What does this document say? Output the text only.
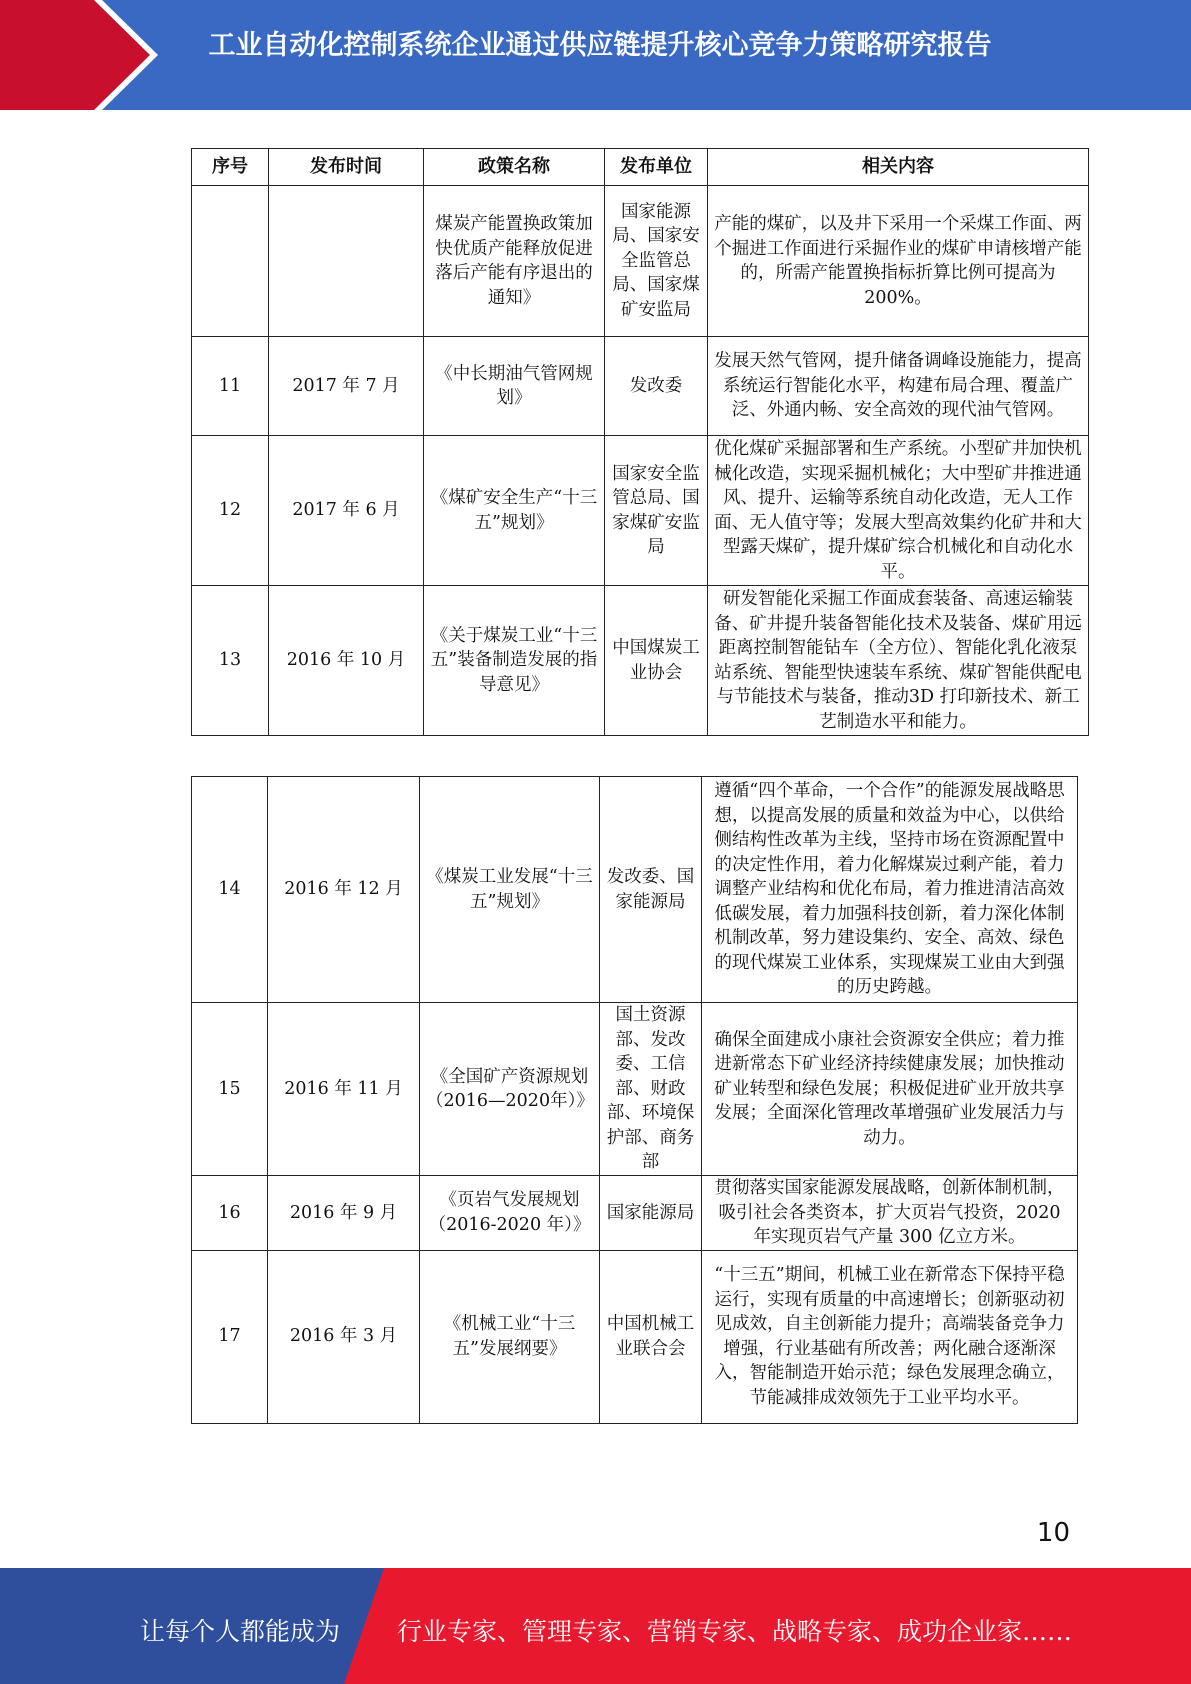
工业自动化控制系统企业通过供应链提升核心竞争力策略研究报告
序号	发布时间	政策名称	发布单位	相关内容
		煤炭产能置换政策加快优质产能释放促进落后产能有序退出的通知》	国家能源局、国家安全监管总局、国家煤矿安监局	产能的煤矿，以及井下采用一个采煤工作面、两个掘进工作面进行采掘作业的煤矿申请核增产能的，所需产能置换指标折算比例可提高为200%。
11	2017 年 7 月	《中长期油气管网规划》	发改委	发展天然气管网，提升储备调峰设施能力，提高系统运行智能化水平，构建布局合理、覆盖广泛、外通内畅、安全高效的现代油气管网。
12	2017 年 6 月	《煤矿安全生产“十三五”规划》	国家安全监管总局、国家煤矿安监局	优化煤矿采掘部署和生产系统。小型矿井加快机械化改造，实现采掘机械化；大中型矿井推进通风、提升、运输等系统自动化改造，无人工作面、无人值守等；发展大型高效集约化矿井和大型露天煤矿，提升煤矿综合机械化和自动化水平。
13	2016 年 10 月	《关于煤炭工业“十三五”装备制造发展的指导意见》	中国煤炭工业协会	研发智能化采掘工作面成套装备、高速运输装备、矿井提升装备智能化技术及装备、煤矿用远距离控制智能钻车（全方位）、智能化乳化液泵站系统、智能型快速装车系统、煤矿智能供配电与节能技术与装备，推动3D 打印新技术、新工艺制造水平和能力。
14	2016 年 12 月	《煤炭工业发展“十三五”规划》	发改委、国家能源局	遵循“四个革命，一个合作”的能源发展战略思想，以提高发展的质量和效益为中心，以供给侧结构性改革为主线，坚持市场在资源配置中的决定性作用，着力化解煤炭过剩产能，着力调整产业结构和优化布局，着力推进清洁高效低碳发展，着力加强科技创新，着力深化体制机制改革，努力建设集约、安全、高效、绿色的现代煤炭工业体系，实现煤炭工业由大到强的历史跨越。
15	2016 年 11 月	《全国矿产资源规划（2016—2020年）》	国土资源部、发改委、工信部、财政部、环境保护部、商务部	确保全面建成小康社会资源安全供应；着力推进新常态下矿业经济持续健康发展；加快推动矿业转型和绿色发展；积极促进矿业开放共享发展；全面深化管理改革增强矿业发展活力与动力。
16	2016 年 9 月	《页岩气发展规划（2016-2020 年）》	国家能源局	贯彻落实国家能源发展战略，创新体制机制，吸引社会各类资本，扩大页岩气投资，2020 年实现页岩气产量 300 亿立方米。
17	2016 年 3 月	《机械工业“十三五”发展纲要》	中国机械工业联合会	“十三五”期间，机械工业在新常态下保持平稳运行，实现有质量的中高速增长；创新驱动初见成效，自主创新能力提升；高端装备竞争力增强，行业基础有所改善；两化融合逐渐深入，智能制造开始示范；绿色发展理念确立，节能减排成效领先于工业平均水平。
10
让每个人都能成为 行业专家、管理专家、营销专家、战略专家、成功企业家……
